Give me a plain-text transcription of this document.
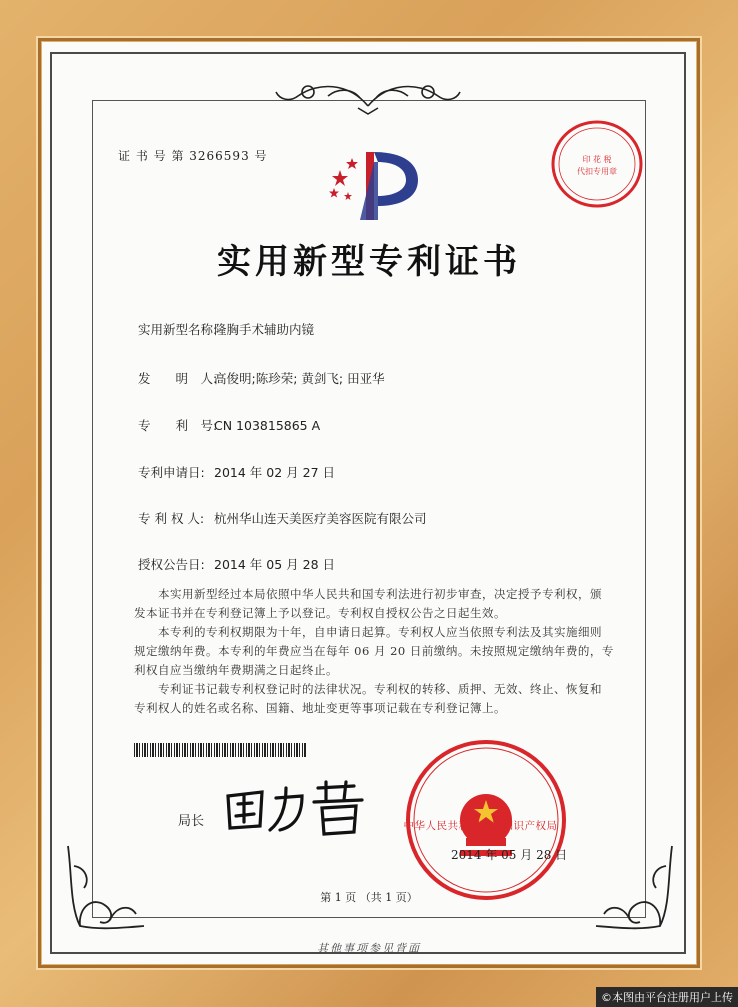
证 书 号 第 3266593 号	印 花 税
代扣专用章
实用新型专利证书
实用新型名称:隆胸手术辅助内镜
发　　明　人:高俊明;陈珍荣; 黄剑飞; 田亚华
专　　利　号:CN 103815865 A
专利申请日: 2014 年 02 月 27 日
专 利 权 人: 杭州华山连天美医疗美容医院有限公司
授权公告日: 2014 年 05 月 28 日
　　本实用新型经过本局依照中华人民共和国专利法进行初步审查，决定授予专利权，颁
发本证书并在专利登记簿上予以登记。专利权自授权公告之日起生效。
　　本专利的专利权期限为十年，自申请日起算。专利权人应当依照专利法及其实施细则
规定缴纳年费。本专利的年费应当在每年 06 月 20 日前缴纳。未按照规定缴纳年费的，专
利权自应当缴纳年费期满之日起终止。
　　专利证书记载专利权登记时的法律状况。专利权的转移、质押、无效、终止、恢复和
专利权人的姓名或名称、国籍、地址变更等事项记载在专利登记簿上。
局长	中华人民共和国国家知识产权局
2014 年 05 月 28 日
第 1 页 （共 1 页）
其他事项参见背面
©本图由平台注册用户上传
